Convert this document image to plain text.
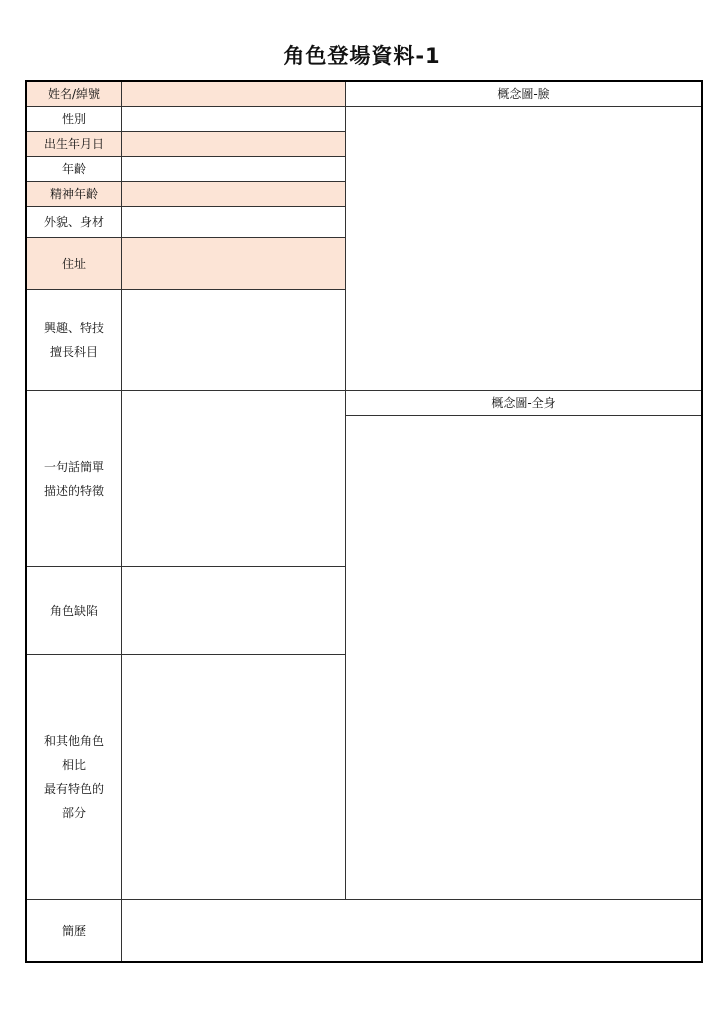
角色登場資料-1
姓名/綽號
性別
出生年月日
年齡
精神年齡
外貌、身材
住址
興趣、特技
擅長科目
一句話簡單
描述的特徵
角色缺陷
和其他角色
相比
最有特色的
部分
簡歷
概念圖-臉
概念圖-全身
